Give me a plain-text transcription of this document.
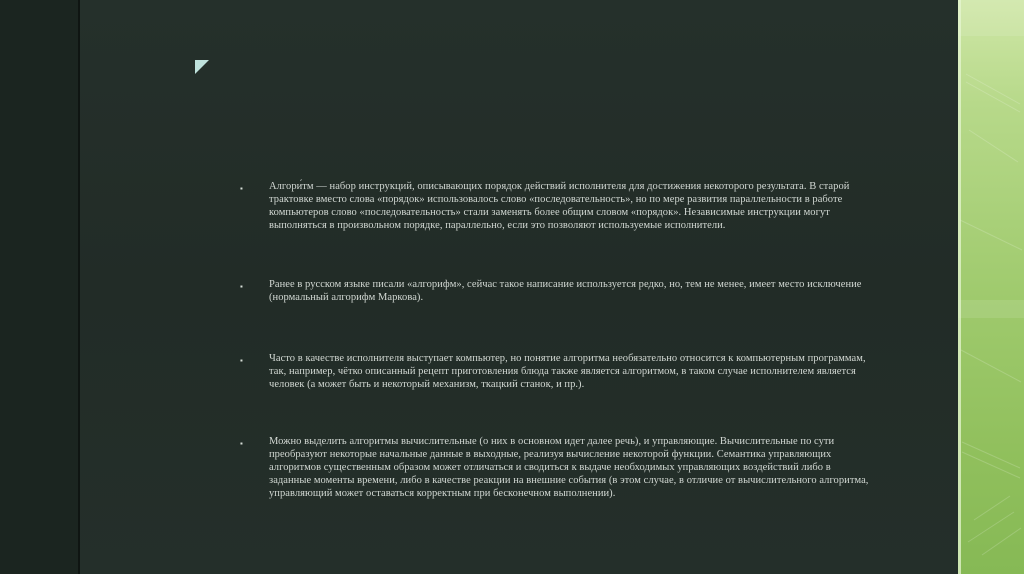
▪ Алгори́тм — набор инструкций, описывающих порядок действий исполнителя для достижения некоторого результата. В старой
трактовке вместо слова «порядок» использовалось слово «последовательность», но по мере развития параллельности в работе
компьютеров слово «последовательность» стали заменять более общим словом «порядок». Независимые инструкции могут
выполняться в произвольном порядке, параллельно, если это позволяют используемые исполнители.
▪ Ранее в русском языке писали «алгорифм», сейчас такое написание используется редко, но, тем не менее, имеет место исключение
(нормальный алгорифм Маркова).
▪ Часто в качестве исполнителя выступает компьютер, но понятие алгоритма необязательно относится к компьютерным программам,
так, например, чётко описанный рецепт приготовления блюда также является алгоритмом, в таком случае исполнителем является
человек (а может быть и некоторый механизм, ткацкий станок, и пр.).
▪ Можно выделить алгоритмы вычислительные (о них в основном идет далее речь), и управляющие. Вычислительные по сути
преобразуют некоторые начальные данные в выходные, реализуя вычисление некоторой функции. Семантика управляющих
алгоритмов существенным образом может отличаться и сводиться к выдаче необходимых управляющих воздействий либо в
заданные моменты времени, либо в качестве реакции на внешние события (в этом случае, в отличие от вычислительного алгоритма,
управляющий может оставаться корректным при бесконечном выполнении).
